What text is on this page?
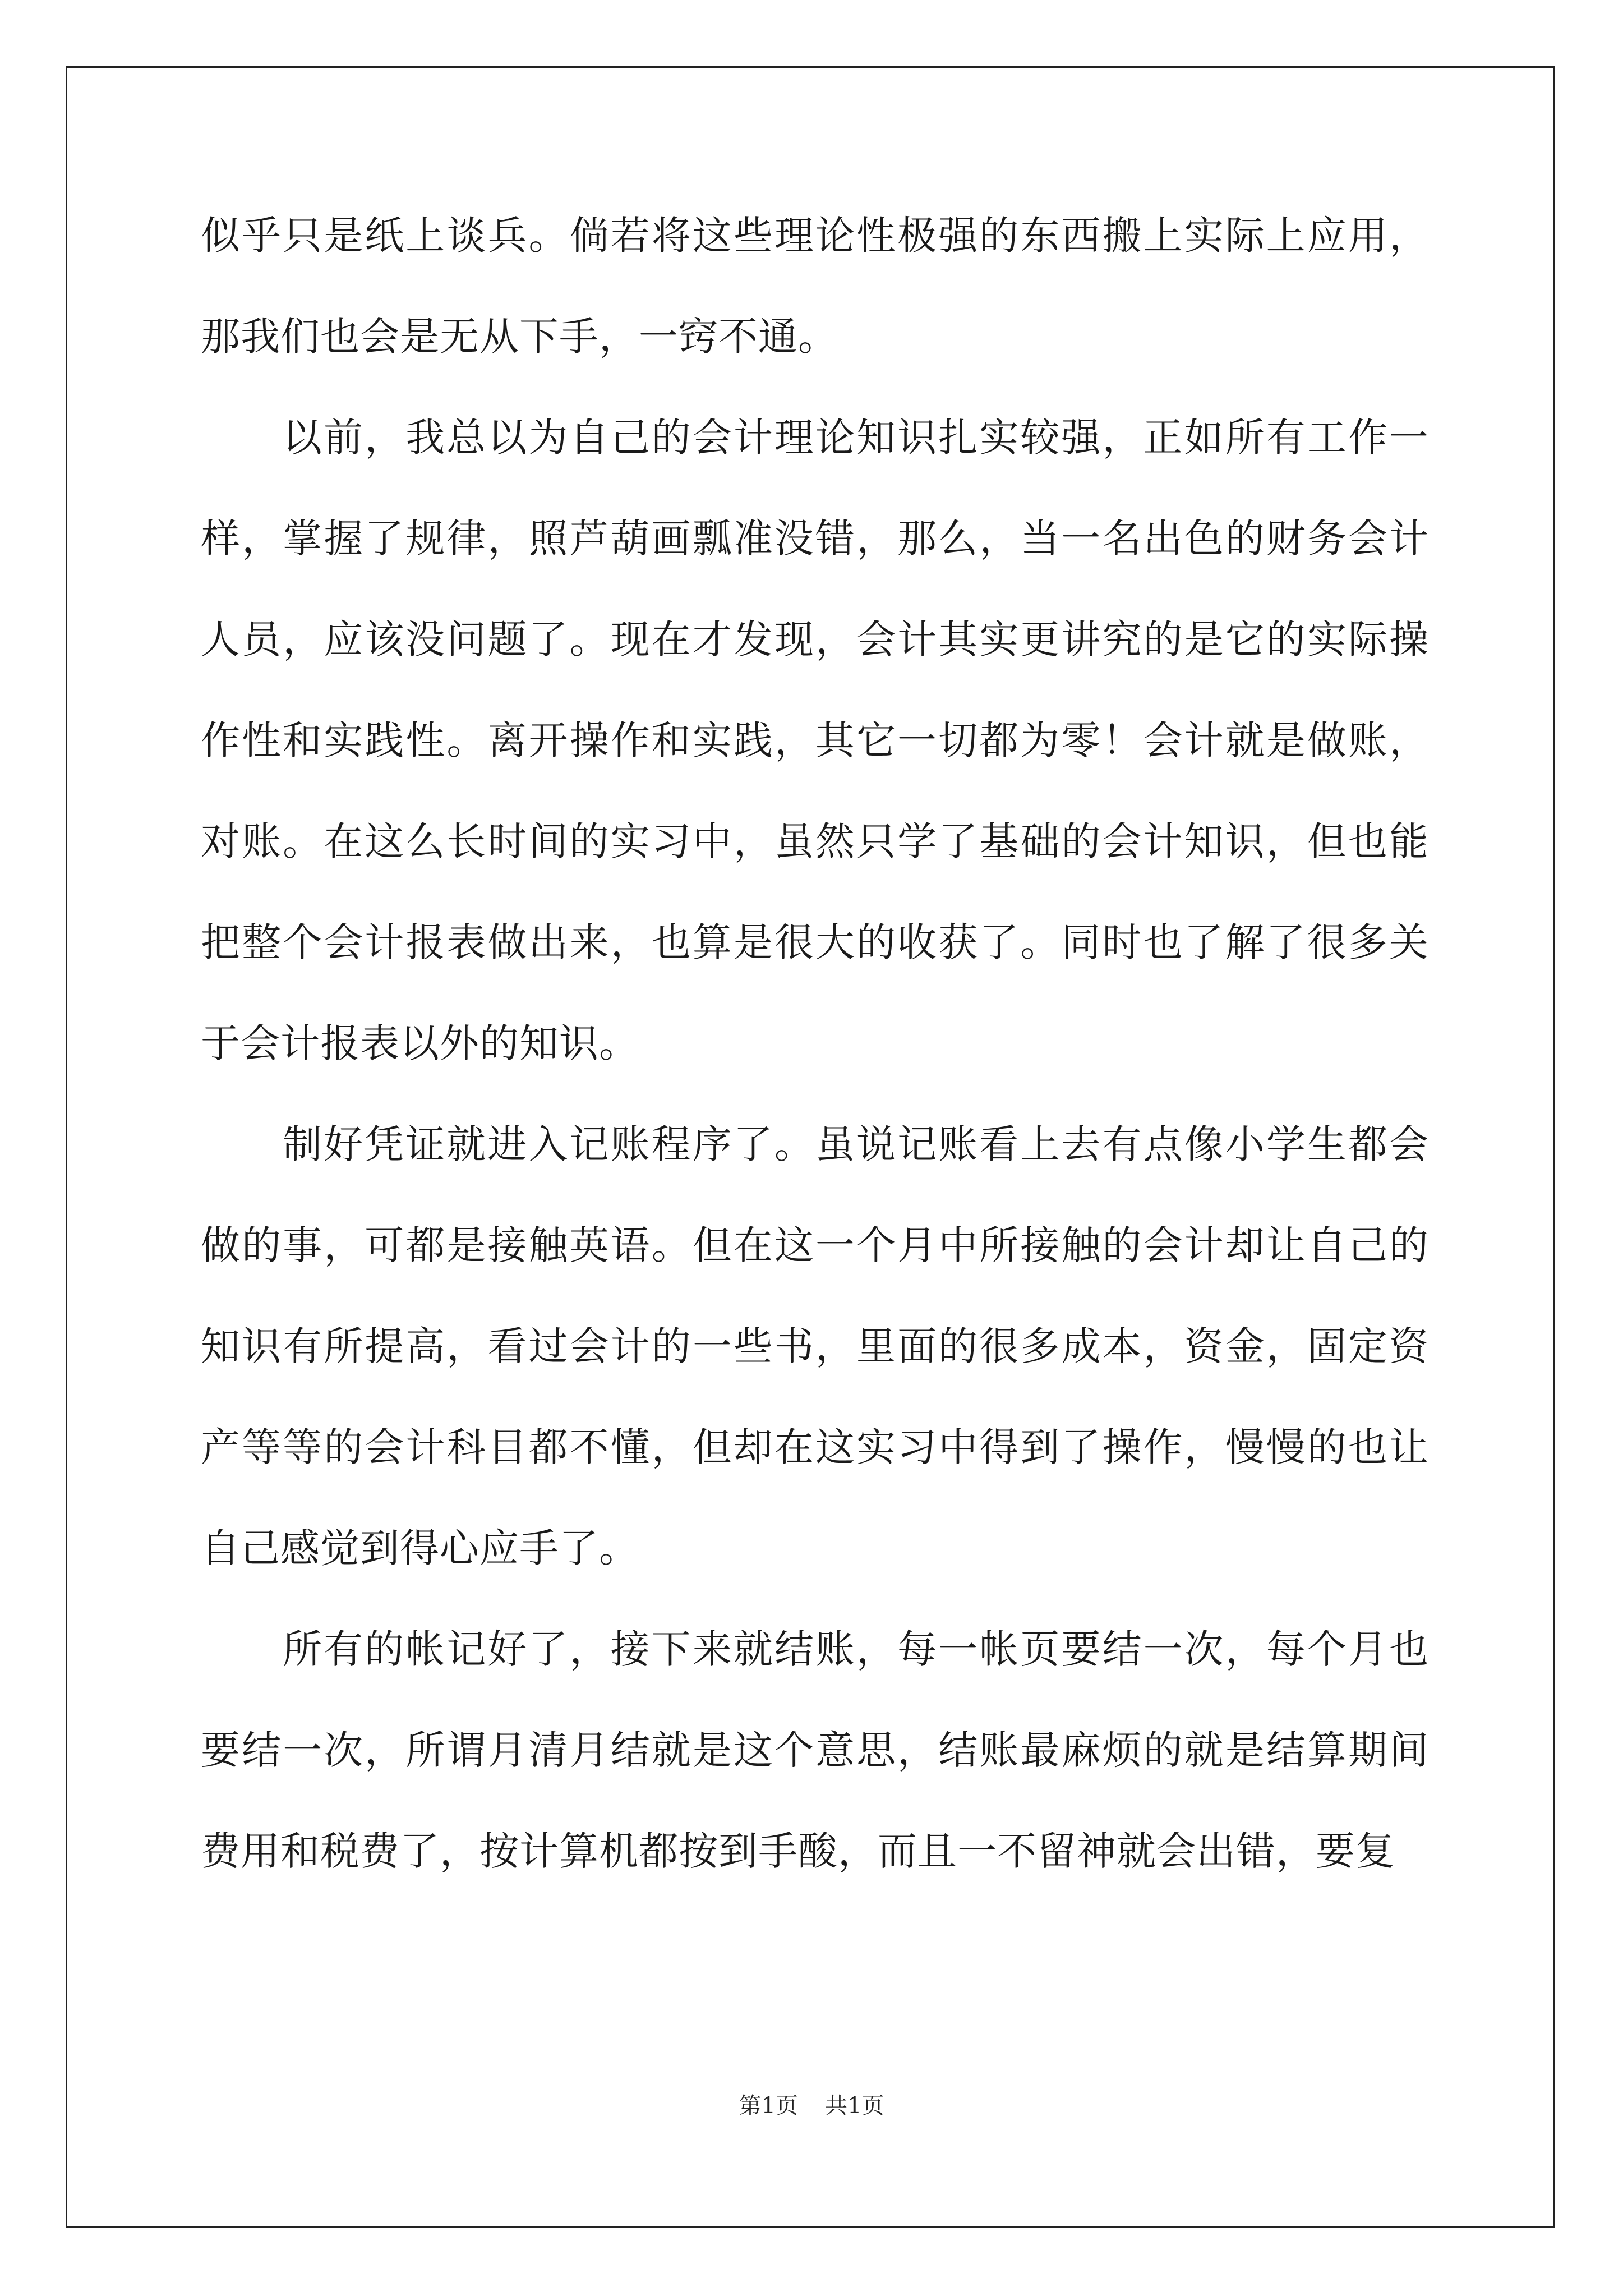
似乎只是纸上谈兵。倘若将这些理论性极强的东西搬上实际上应用，那我们也会是无从下手，一窍不通。

以前，我总以为自己的会计理论知识扎实较强，正如所有工作一样，掌握了规律，照芦葫画瓢准没错，那么，当一名出色的财务会计人员，应该没问题了。现在才发现，会计其实更讲究的是它的实际操作性和实践性。离开操作和实践，其它一切都为零！会计就是做账，对账。在这么长时间的实习中，虽然只学了基础的会计知识，但也能把整个会计报表做出来，也算是很大的收获了。同时也了解了很多关于会计报表以外的知识。

制好凭证就进入记账程序了。虽说记账看上去有点像小学生都会做的事，可都是接触英语。但在这一个月中所接触的会计却让自己的知识有所提高，看过会计的一些书，里面的很多成本，资金，固定资产等等的会计科目都不懂，但却在这实习中得到了操作，慢慢的也让自己感觉到得心应手了。

所有的帐记好了，接下来就结账，每一帐页要结一次，每个月也要结一次，所谓月清月结就是这个意思，结账最麻烦的就是结算期间费用和税费了，按计算机都按到手酸，而且一不留神就会出错，要复

第1页 共1页
